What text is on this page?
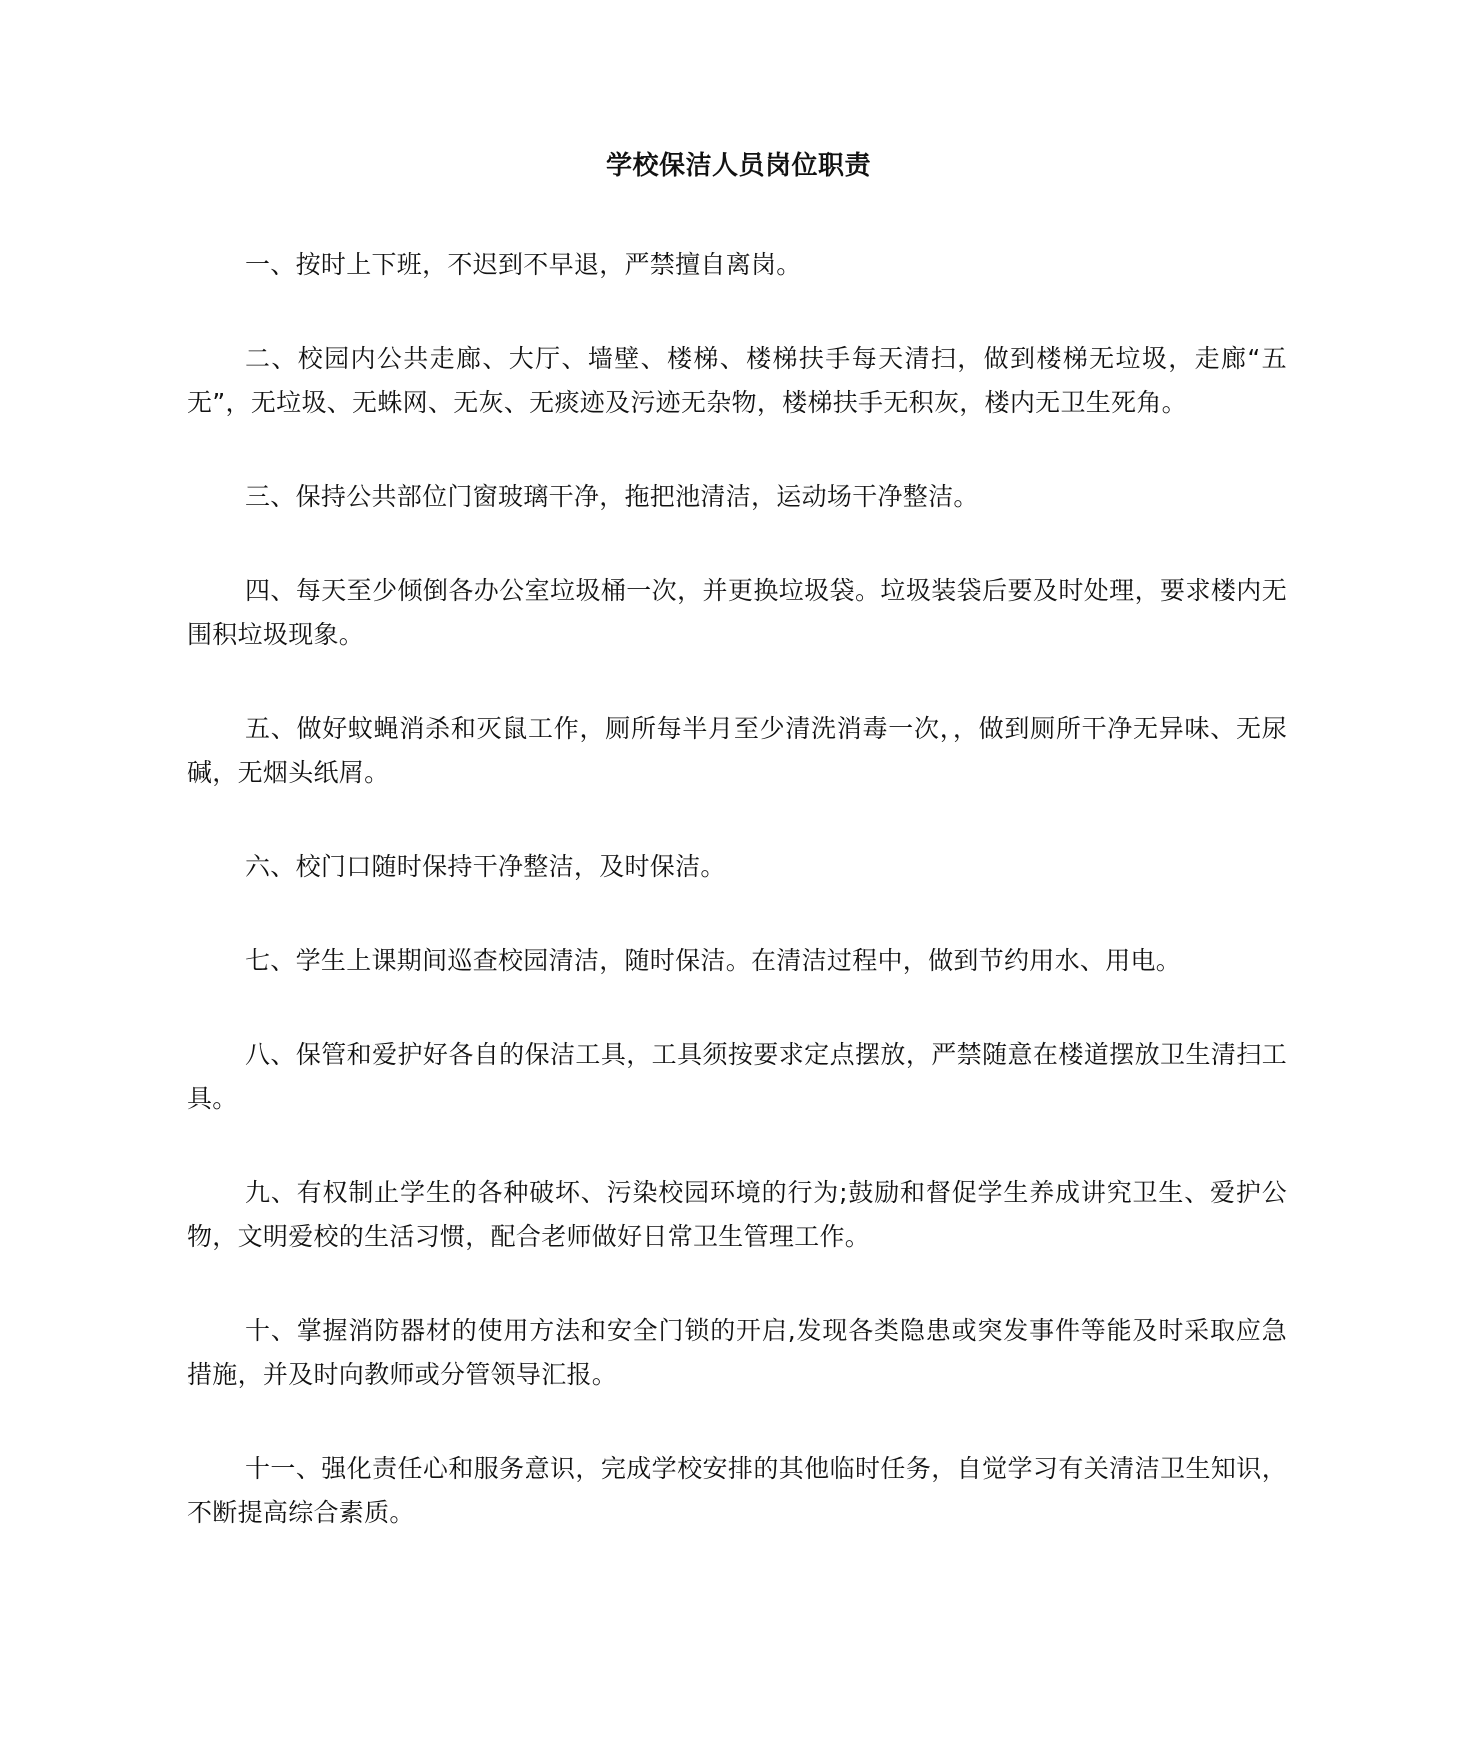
学校保洁人员岗位职责

一、按时上下班，不迟到不早退，严禁擅自离岗。

二、校园内公共走廊、大厅、墙壁、楼梯、楼梯扶手每天清扫，做到楼梯无垃圾，走廊“五无”，无垃圾、无蛛网、无灰、无痰迹及污迹无杂物，楼梯扶手无积灰，楼内无卫生死角。

三、保持公共部位门窗玻璃干净，拖把池清洁，运动场干净整洁。

四、每天至少倾倒各办公室垃圾桶一次，并更换垃圾袋。垃圾装袋后要及时处理，要求楼内无围积垃圾现象。

五、做好蚊蝇消杀和灭鼠工作，厕所每半月至少清洗消毒一次，，做到厕所干净无异味、无尿碱，无烟头纸屑。

六、校门口随时保持干净整洁，及时保洁。

七、学生上课期间巡查校园清洁，随时保洁。在清洁过程中，做到节约用水、用电。

八、保管和爱护好各自的保洁工具，工具须按要求定点摆放，严禁随意在楼道摆放卫生清扫工具。

九、有权制止学生的各种破坏、污染校园环境的行为;鼓励和督促学生养成讲究卫生、爱护公物，文明爱校的生活习惯，配合老师做好日常卫生管理工作。

十、掌握消防器材的使用方法和安全门锁的开启,发现各类隐患或突发事件等能及时采取应急措施，并及时向教师或分管领导汇报。

十一、强化责任心和服务意识，完成学校安排的其他临时任务，自觉学习有关清洁卫生知识，不断提高综合素质。
